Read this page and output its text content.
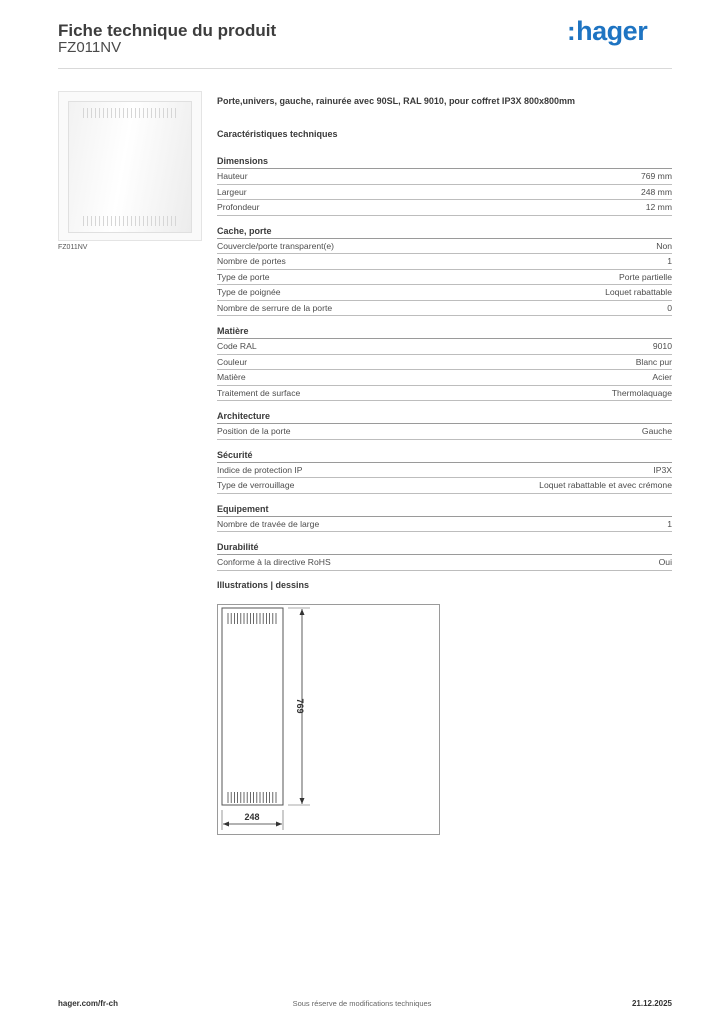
Fiche technique du produit
FZ011NV
:hager
FZ011NV
Porte,univers, gauche, rainurée avec 90SL, RAL 9010, pour coffret IP3X 800x800mm
Caractéristiques techniques
Dimensions
Hauteur	769 mm
Largeur	248 mm
Profondeur	12 mm
Cache, porte
Couvercle/porte transparent(e)	Non
Nombre de portes	1
Type de porte	Porte partielle
Type de poignée	Loquet rabattable
Nombre de serrure de la porte	0
Matière
Code RAL	9010
Couleur	Blanc pur
Matière	Acier
Traitement de surface	Thermolaquage
Architecture
Position de la porte	Gauche
Sécurité
Indice de protection IP	IP3X
Type de verrouillage	Loquet rabattable et avec crémone
Equipement
Nombre de travée de large	1
Durabilité
Conforme à la directive RoHS	Oui
Illustrations | dessins
769
248
hager.com/fr-ch	Sous réserve de modifications techniques	21.12.2025
